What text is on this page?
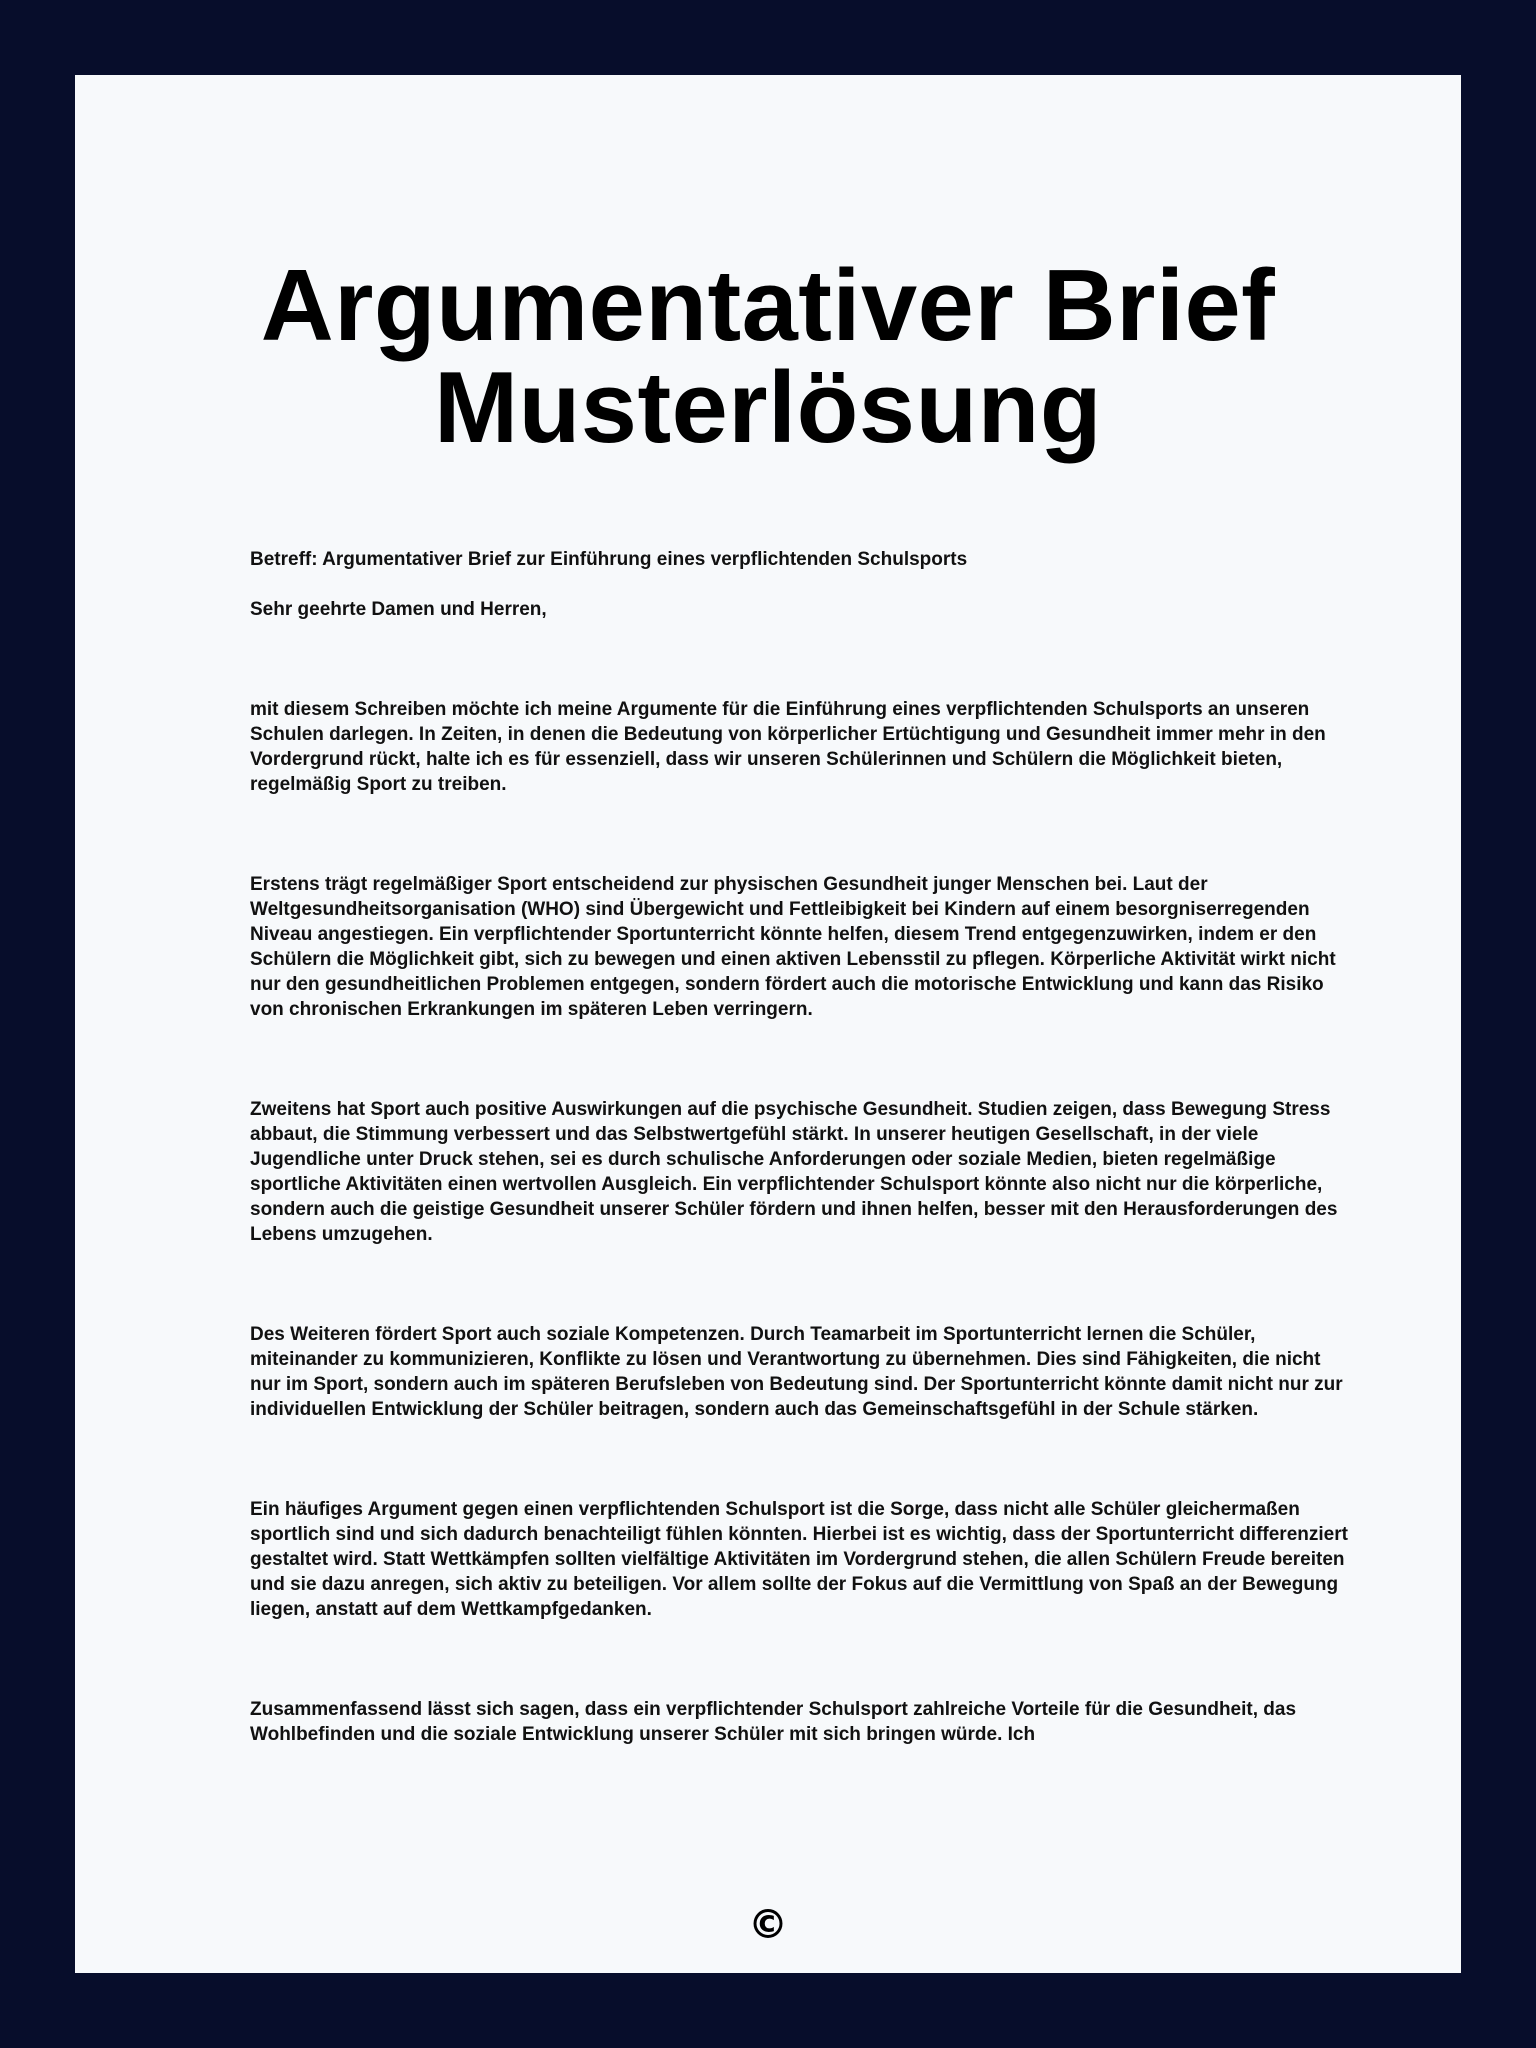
Argumentativer Brief Musterlösung

Betreff: Argumentativer Brief zur Einführung eines verpflichtenden Schulsports

Sehr geehrte Damen und Herren,

mit diesem Schreiben möchte ich meine Argumente für die Einführung eines verpflichtenden Schulsports an unseren Schulen darlegen. In Zeiten, in denen die Bedeutung von körperlicher Ertüchtigung und Gesundheit immer mehr in den Vordergrund rückt, halte ich es für essenziell, dass wir unseren Schülerinnen und Schülern die Möglichkeit bieten, regelmäßig Sport zu treiben.

Erstens trägt regelmäßiger Sport entscheidend zur physischen Gesundheit junger Menschen bei. Laut der Weltgesundheitsorganisation (WHO) sind Übergewicht und Fettleibigkeit bei Kindern auf einem besorgniserregenden Niveau angestiegen. Ein verpflichtender Sportunterricht könnte helfen, diesem Trend entgegenzuwirken, indem er den Schülern die Möglichkeit gibt, sich zu bewegen und einen aktiven Lebensstil zu pflegen. Körperliche Aktivität wirkt nicht nur den gesundheitlichen Problemen entgegen, sondern fördert auch die motorische Entwicklung und kann das Risiko von chronischen Erkrankungen im späteren Leben verringern.

Zweitens hat Sport auch positive Auswirkungen auf die psychische Gesundheit. Studien zeigen, dass Bewegung Stress abbaut, die Stimmung verbessert und das Selbstwertgefühl stärkt. In unserer heutigen Gesellschaft, in der viele Jugendliche unter Druck stehen, sei es durch schulische Anforderungen oder soziale Medien, bieten regelmäßige sportliche Aktivitäten einen wertvollen Ausgleich. Ein verpflichtender Schulsport könnte also nicht nur die körperliche, sondern auch die geistige Gesundheit unserer Schüler fördern und ihnen helfen, besser mit den Herausforderungen des Lebens umzugehen.

Des Weiteren fördert Sport auch soziale Kompetenzen. Durch Teamarbeit im Sportunterricht lernen die Schüler, miteinander zu kommunizieren, Konflikte zu lösen und Verantwortung zu übernehmen. Dies sind Fähigkeiten, die nicht nur im Sport, sondern auch im späteren Berufsleben von Bedeutung sind. Der Sportunterricht könnte damit nicht nur zur individuellen Entwicklung der Schüler beitragen, sondern auch das Gemeinschaftsgefühl in der Schule stärken.

Ein häufiges Argument gegen einen verpflichtenden Schulsport ist die Sorge, dass nicht alle Schüler gleichermaßen sportlich sind und sich dadurch benachteiligt fühlen könnten. Hierbei ist es wichtig, dass der Sportunterricht differenziert gestaltet wird. Statt Wettkämpfen sollten vielfältige Aktivitäten im Vordergrund stehen, die allen Schülern Freude bereiten und sie dazu anregen, sich aktiv zu beteiligen. Vor allem sollte der Fokus auf die Vermittlung von Spaß an der Bewegung liegen, anstatt auf dem Wettkampfgedanken.

Zusammenfassend lässt sich sagen, dass ein verpflichtender Schulsport zahlreiche Vorteile für die Gesundheit, das Wohlbefinden und die soziale Entwicklung unserer Schüler mit sich bringen würde. Ich

©
